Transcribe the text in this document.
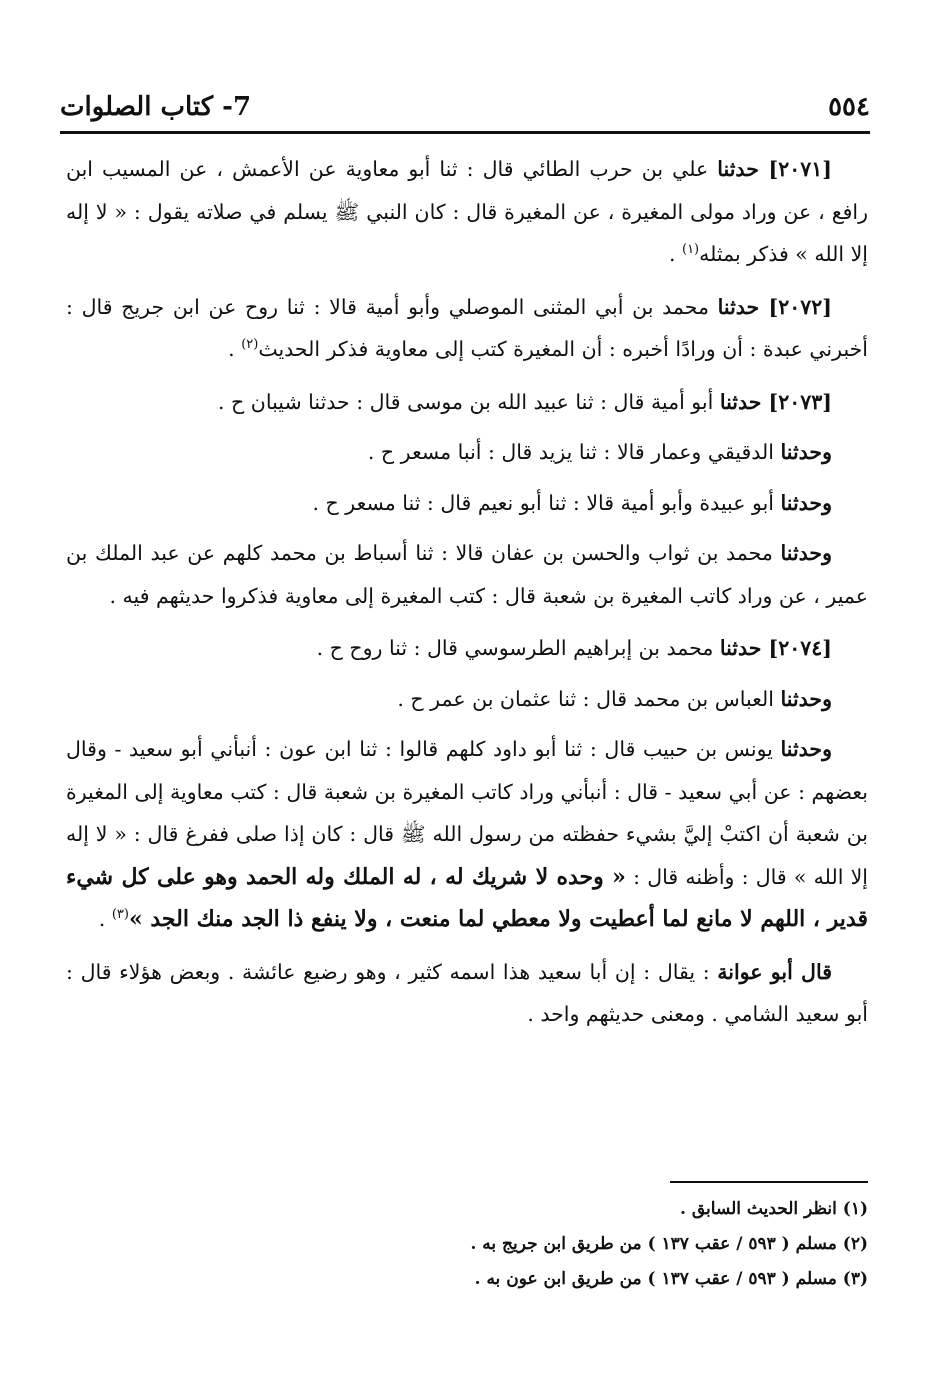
٥٥٤
7- كتاب الصلوات

[٢٠٧١] حدثنا علي بن حرب الطائي قال : ثنا أبو معاوية عن الأعمش ، عن المسيب ابن رافع ، عن وراد مولى المغيرة ، عن المغيرة قال : كان النبي ﷺ يسلم في صلاته يقول : « لا إله إلا الله » فذكر بمثله$^{(١)}$ .

[٢٠٧٢] حدثنا محمد بن أبي المثنى الموصلي وأبو أمية قالا : ثنا روح عن ابن جريج قال : أخبرني عبدة : أن ورادًا أخبره : أن المغيرة كتب إلى معاوية فذكر الحديث$^{(٢)}$ .

[٢٠٧٣] حدثنا أبو أمية قال : ثنا عبيد الله بن موسى قال : حدثنا شيبان ح .

وحدثنا الدقيقي وعمار قالا : ثنا يزيد قال : أنبا مسعر ح .

وحدثنا أبو عبيدة وأبو أمية قالا : ثنا أبو نعيم قال : ثنا مسعر ح .

وحدثنا محمد بن ثواب والحسن بن عفان قالا : ثنا أسباط بن محمد كلهم عن عبد الملك بن عمير ، عن وراد كاتب المغيرة بن شعبة قال : كتب المغيرة إلى معاوية فذكروا حديثهم فيه .

[٢٠٧٤] حدثنا محمد بن إبراهيم الطرسوسي قال : ثنا روح ح .

وحدثنا العباس بن محمد قال : ثنا عثمان بن عمر ح .

وحدثنا يونس بن حبيب قال : ثنا أبو داود كلهم قالوا : ثنا ابن عون : أنبأني أبو سعيد - وقال بعضهم : عن أبي سعيد - قال : أنبأني وراد كاتب المغيرة بن شعبة قال : كتب معاوية إلى المغيرة بن شعبة أن اكتبْ إليَّ بشيء حفظته من رسول الله ﷺ قال : كان إذا صلى ففرغ قال : « لا إله إلا الله » قال : وأظنه قال : « وحده لا شريك له ، له الملك وله الحمد وهو على كل شيء قدير ، اللهم لا مانع لما أعطيت ولا معطي لما منعت ، ولا ينفع ذا الجد منك الجد »$^{(٣)}$ .

قال أبو عوانة : يقال : إن أبا سعيد هذا اسمه كثير ، وهو رضيع عائشة . وبعض هؤلاء قال : أبو سعيد الشامي . ومعنى حديثهم واحد .

(١) انظر الحديث السابق .
(٢) مسلم ( ٥٩٣ / عقب ١٣٧ ) من طريق ابن جريج به .
(٣) مسلم ( ٥٩٣ / عقب ١٣٧ ) من طريق ابن عون به .
